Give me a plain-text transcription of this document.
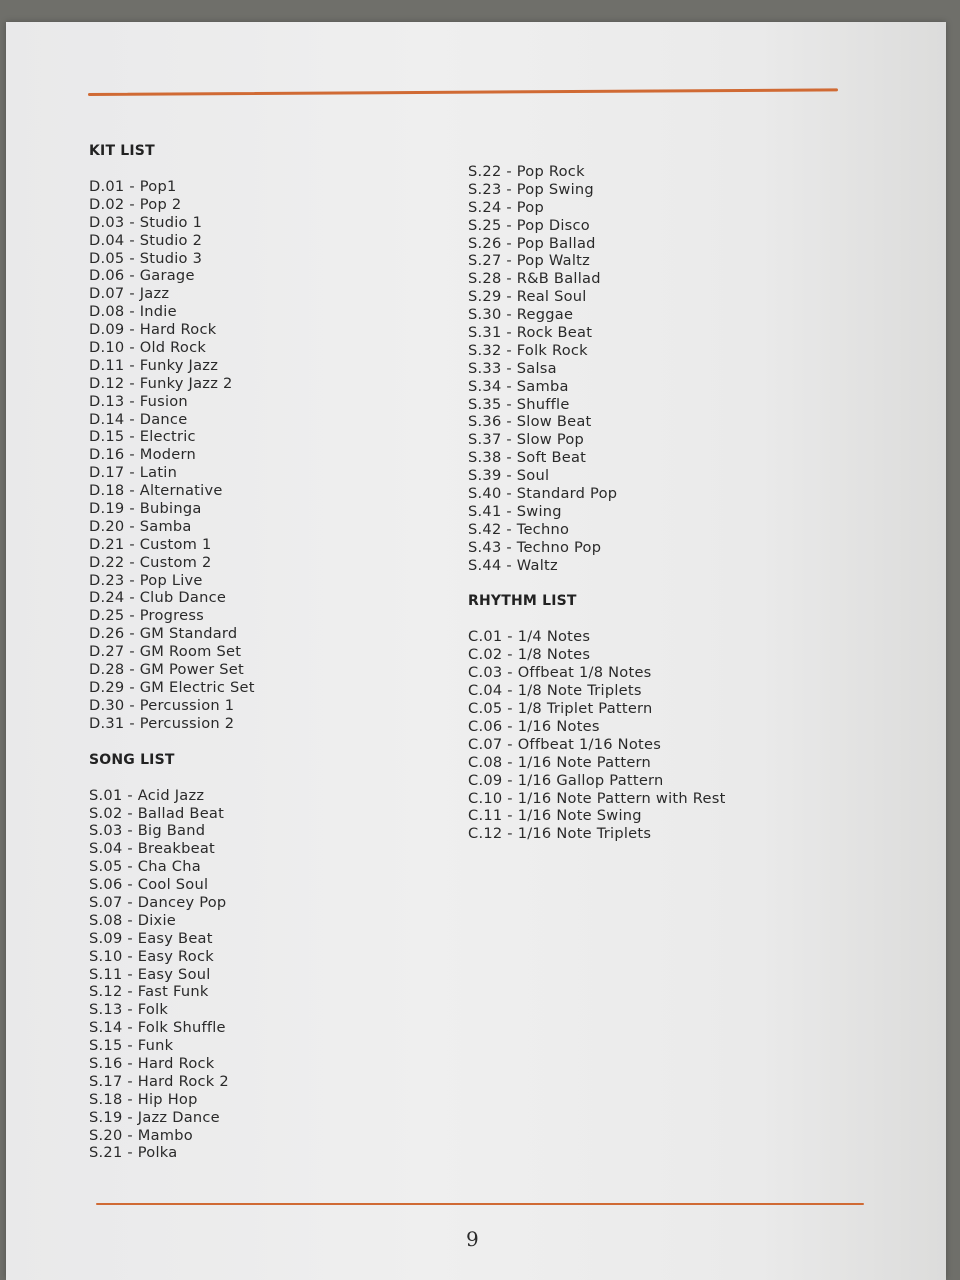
KIT LIST
D.01 - Pop1
D.02 - Pop 2
D.03 - Studio 1
D.04 - Studio 2
D.05 - Studio 3
D.06 - Garage
D.07 - Jazz
D.08 - Indie
D.09 - Hard Rock
D.10 - Old Rock
D.11 - Funky Jazz
D.12 - Funky Jazz 2
D.13 - Fusion
D.14 - Dance
D.15 - Electric
D.16 - Modern
D.17 - Latin
D.18 - Alternative
D.19 - Bubinga
D.20 - Samba
D.21 - Custom 1
D.22 - Custom 2
D.23 - Pop Live
D.24 - Club Dance
D.25 - Progress
D.26 - GM Standard
D.27 - GM Room Set
D.28 - GM Power Set
D.29 - GM Electric Set
D.30 - Percussion 1
D.31 - Percussion 2
SONG LIST
S.01 - Acid Jazz
S.02 - Ballad Beat
S.03 - Big Band
S.04 - Breakbeat
S.05 - Cha Cha
S.06 - Cool Soul
S.07 - Dancey Pop
S.08 - Dixie
S.09 - Easy Beat
S.10 - Easy Rock
S.11 - Easy Soul
S.12 - Fast Funk
S.13 - Folk
S.14 - Folk Shuffle
S.15 - Funk
S.16 - Hard Rock
S.17 - Hard Rock 2
S.18 - Hip Hop
S.19 - Jazz Dance
S.20 - Mambo
S.21 - Polka
S.22 - Pop Rock
S.23 - Pop Swing
S.24 - Pop
S.25 - Pop Disco
S.26 - Pop Ballad
S.27 - Pop Waltz
S.28 - R&B Ballad
S.29 - Real Soul
S.30 - Reggae
S.31 - Rock Beat
S.32 - Folk Rock
S.33 - Salsa
S.34 - Samba
S.35 - Shuffle
S.36 - Slow Beat
S.37 - Slow Pop
S.38 - Soft Beat
S.39 - Soul
S.40 - Standard Pop
S.41 - Swing
S.42 - Techno
S.43 - Techno Pop
S.44 - Waltz
RHYTHM LIST
C.01 - 1/4 Notes
C.02 - 1/8 Notes
C.03 - Offbeat 1/8 Notes
C.04 - 1/8 Note Triplets
C.05 - 1/8 Triplet Pattern
C.06 - 1/16 Notes
C.07 - Offbeat 1/16 Notes
C.08 - 1/16 Note Pattern
C.09 - 1/16 Gallop Pattern
C.10 - 1/16 Note Pattern with Rest
C.11 - 1/16 Note Swing
C.12 - 1/16 Note Triplets
9
